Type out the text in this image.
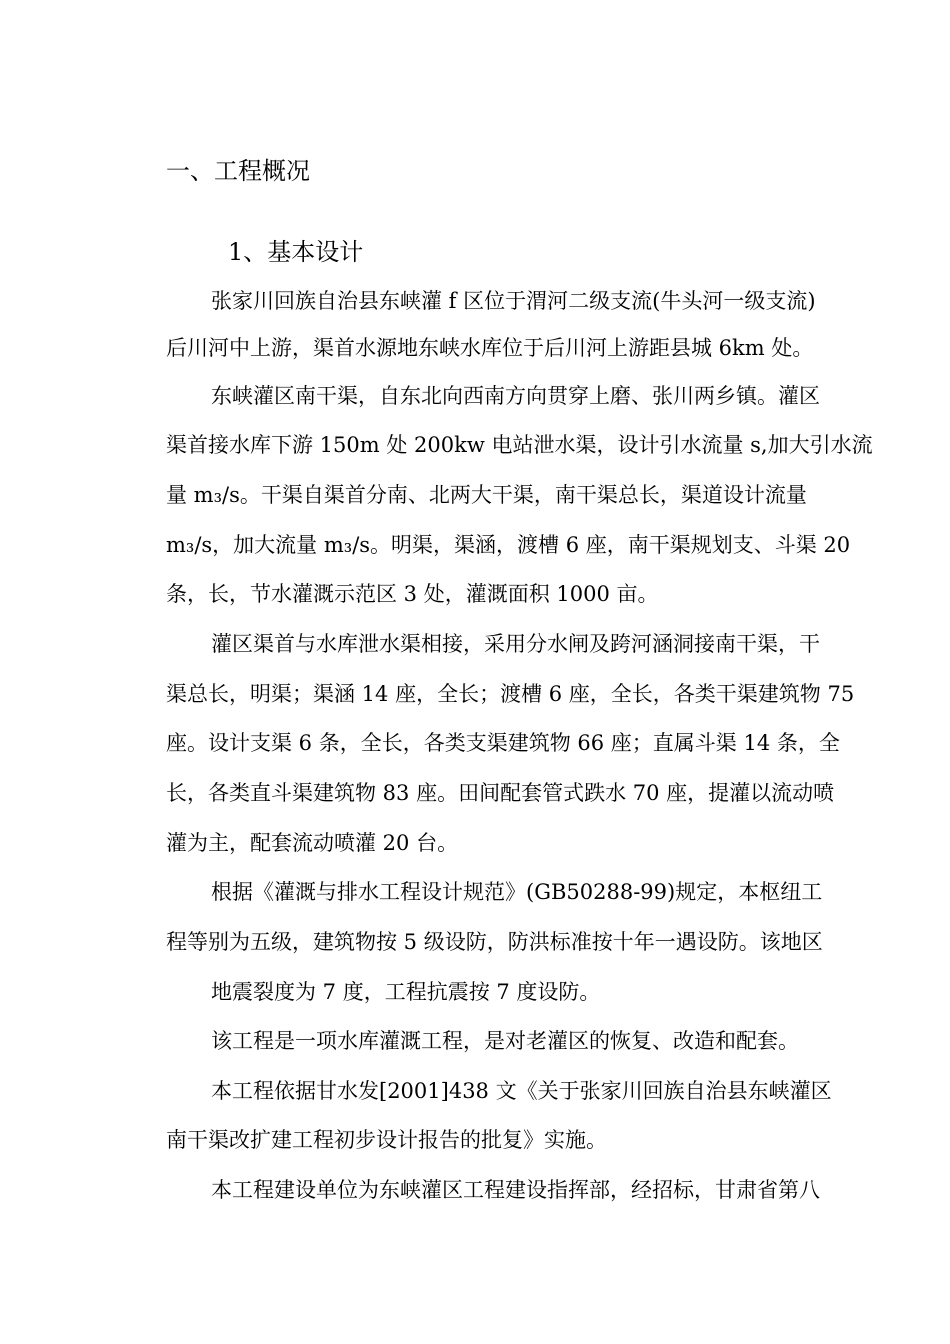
一、工程概况
1、基本设计
张家川回族自治县东峡灌 f 区位于渭河二级支流(牛头河一级支流)
后川河中上游，渠首水源地东峡水库位于后川河上游距县城 6km 处。
东峡灌区南干渠，自东北向西南方向贯穿上磨、张川两乡镇。灌区
渠首接水库下游 150m 处 200kw 电站泄水渠，设计引水流量 s,加大引水流
量 m₃/s。干渠自渠首分南、北两大干渠，南干渠总长，渠道设计流量
m₃/s，加大流量 m₃/s。明渠，渠涵，渡槽 6 座，南干渠规划支、斗渠 20
条，长，节水灌溉示范区 3 处，灌溉面积 1000 亩。
灌区渠首与水库泄水渠相接，采用分水闸及跨河涵洞接南干渠，干
渠总长，明渠；渠涵 14 座，全长；渡槽 6 座，全长，各类干渠建筑物 75
座。设计支渠 6 条，全长，各类支渠建筑物 66 座；直属斗渠 14 条，全
长，各类直斗渠建筑物 83 座。田间配套管式跌水 70 座，提灌以流动喷
灌为主，配套流动喷灌 20 台。
根据《灌溉与排水工程设计规范》(GB50288-99)规定，本枢纽工
程等别为五级，建筑物按 5 级设防，防洪标准按十年一遇设防。该地区
地震裂度为 7 度，工程抗震按 7 度设防。
该工程是一项水库灌溉工程，是对老灌区的恢复、改造和配套。
本工程依据甘水发[2001]438 文《关于张家川回族自治县东峡灌区
南干渠改扩建工程初步设计报告的批复》实施。
本工程建设单位为东峡灌区工程建设指挥部，经招标，甘肃省第八
